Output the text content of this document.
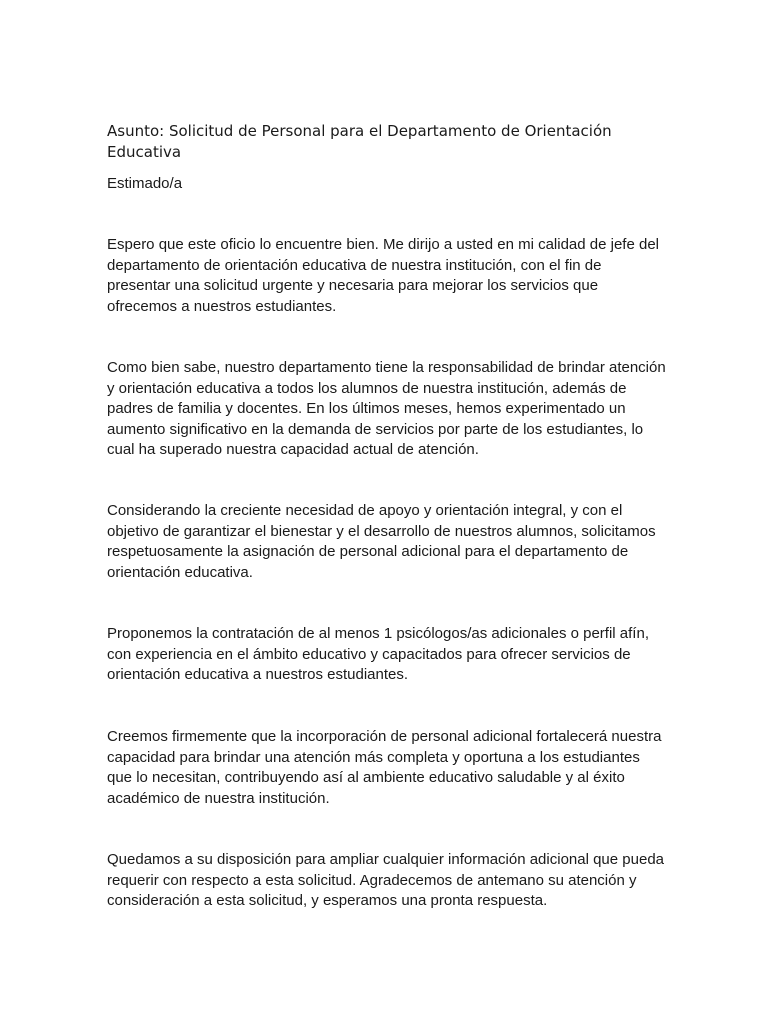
Asunto: Solicitud de Personal para el Departamento de Orientación Educativa

Estimado/a

Espero que este oficio lo encuentre bien. Me dirijo a usted en mi calidad de jefe del departamento de orientación educativa de nuestra institución, con el fin de presentar una solicitud urgente y necesaria para mejorar los servicios que ofrecemos a nuestros estudiantes.

Como bien sabe, nuestro departamento tiene la responsabilidad de brindar atención y orientación educativa a todos los alumnos de nuestra institución, además de padres de familia y docentes. En los últimos meses, hemos experimentado un aumento significativo en la demanda de servicios por parte de los estudiantes, lo cual ha superado nuestra capacidad actual de atención.

Considerando la creciente necesidad de apoyo y orientación integral, y con el objetivo de garantizar el bienestar y el desarrollo de nuestros alumnos, solicitamos respetuosamente la asignación de personal adicional para el departamento de orientación educativa.

Proponemos la contratación de al menos 1 psicólogos/as adicionales o perfil afín, con experiencia en el ámbito educativo y capacitados para ofrecer servicios de orientación educativa a nuestros estudiantes.

Creemos firmemente que la incorporación de personal adicional fortalecerá nuestra capacidad para brindar una atención más completa y oportuna a los estudiantes que lo necesitan, contribuyendo así al ambiente educativo saludable y al éxito académico de nuestra institución.

Quedamos a su disposición para ampliar cualquier información adicional que pueda requerir con respecto a esta solicitud. Agradecemos de antemano su atención y consideración a esta solicitud, y esperamos una pronta respuesta.
